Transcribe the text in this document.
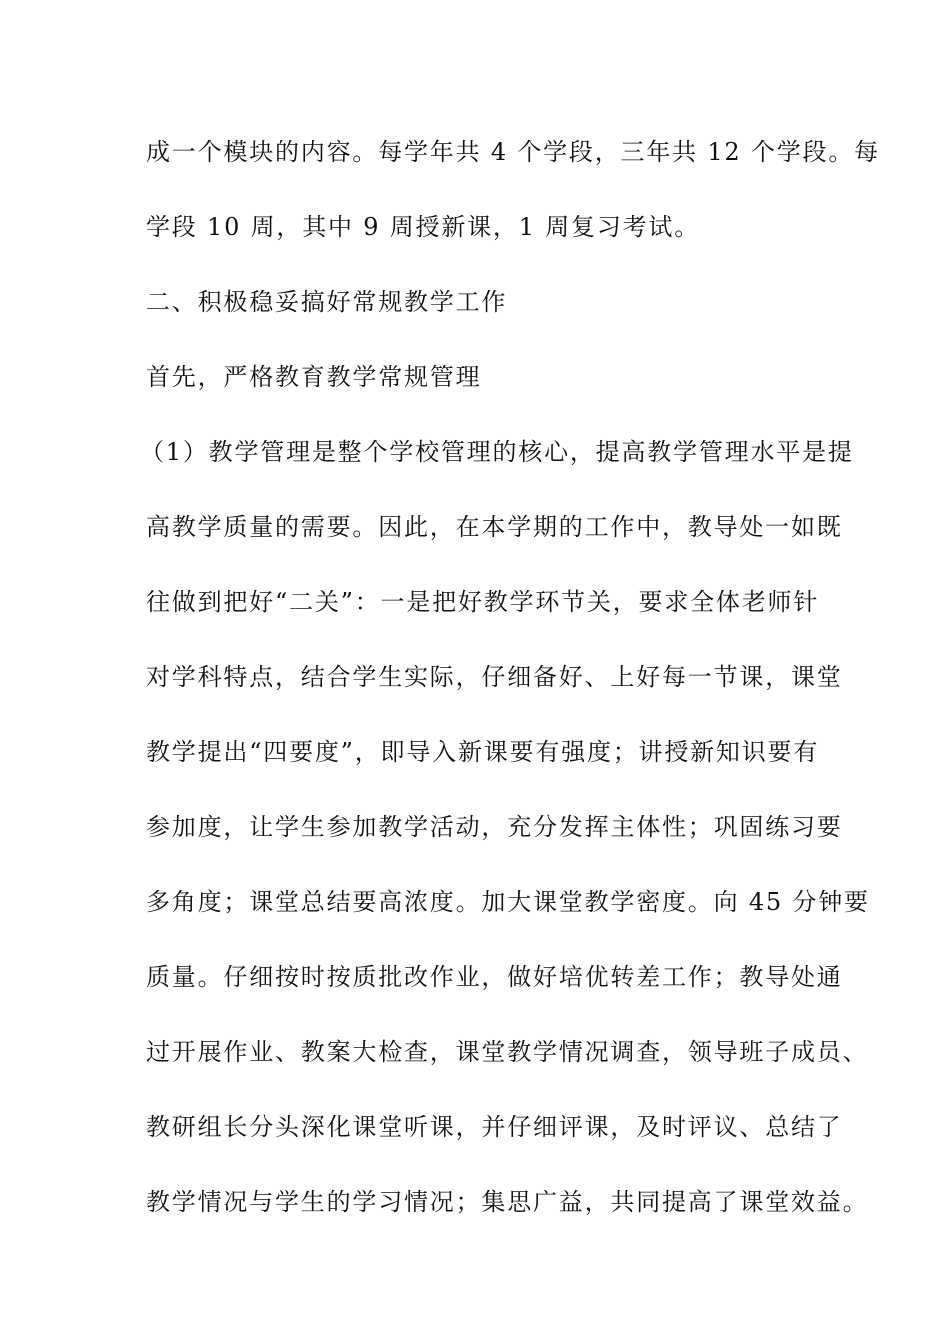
成一个模块的内容。每学年共 4 个学段，三年共 12 个学段。每
学段 10 周，其中 9 周授新课，1 周复习考试。
二、积极稳妥搞好常规教学工作
首先，严格教育教学常规管理
（1）教学管理是整个学校管理的核心，提高教学管理水平是提
高教学质量的需要。因此，在本学期的工作中，教导处一如既
往做到把好“二关”：一是把好教学环节关，要求全体老师针
对学科特点，结合学生实际，仔细备好、上好每一节课，课堂
教学提出“四要度”，即导入新课要有强度；讲授新知识要有
参加度，让学生参加教学活动，充分发挥主体性；巩固练习要
多角度；课堂总结要高浓度。加大课堂教学密度。向 45 分钟要
质量。仔细按时按质批改作业，做好培优转差工作；教导处通
过开展作业、教案大检查，课堂教学情况调查，领导班子成员、
教研组长分头深化课堂听课，并仔细评课，及时评议、总结了
教学情况与学生的学习情况；集思广益，共同提高了课堂效益。
